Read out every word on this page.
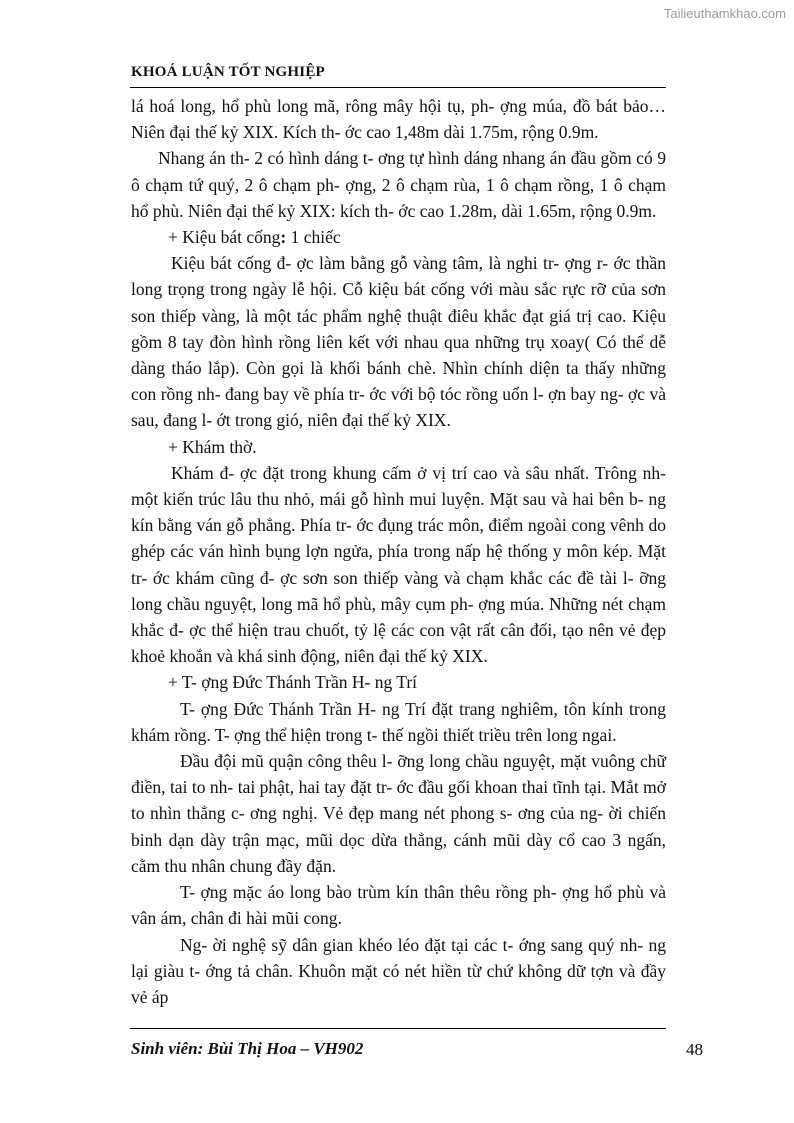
Tailieuthamkhao.com
KHOÁ LUẬN TỐT NGHIỆP

lá hoá long, hổ phù long mã, rông mây hội tụ, ph- ợng múa, đồ bát bảo… Niên đại thế kỷ XIX. Kích th- ớc cao 1,48m dài 1.75m, rộng 0.9m.

Nhang án th- 2 có hình dáng t- ơng tự hình dáng nhang án đầu gồm có 9 ô chạm tứ quý, 2 ô chạm ph- ợng, 2 ô chạm rùa, 1 ô chạm rồng, 1 ô chạm hổ phù. Niên đại thế kỷ XIX: kích th- ớc cao 1.28m, dài 1.65m, rộng 0.9m.

+ Kiệu bát cống: 1 chiếc

Kiệu bát cống đ- ợc làm bằng gỗ vàng tâm, là nghi tr- ợng r- ớc thần long trọng trong ngày lễ hội. Cỗ kiệu bát cống với màu sắc rực rỡ của sơn son thiếp vàng, là một tác phẩm nghệ thuật điêu khắc đạt giá trị cao. Kiệu gồm 8 tay đòn hình rồng liên kết với nhau qua những trụ xoay( Có thể dễ dàng tháo lắp). Còn gọi là khối bánh chè. Nhìn chính diện ta thấy những con rồng nh- đang bay về phía tr- ớc với bộ tóc rồng uốn l- ợn bay ng- ợc và sau, đang l- ớt trong gió, niên đại thế kỷ XIX.

+ Khám thờ.

Khám đ- ợc đặt trong khung cấm ở vị trí cao và sâu nhất. Trông nh- một kiến trúc lâu thu nhỏ, mái gỗ hình mui luyện. Mặt sau và hai bên b- ng kín bằng ván gỗ phẳng. Phía tr- ớc đụng trác môn, điểm ngoài cong vênh do ghép các ván hình bụng lợn ngửa, phía trong nấp hệ thống y môn kép. Mặt tr- ớc khám cũng đ- ợc sơn son thiếp vàng và chạm khắc các đề tài l- ỡng long chầu nguyệt, long mã hổ phù, mây cụm ph- ợng múa. Những nét chạm khắc đ- ợc thể hiện trau chuốt, tỷ lệ các con vật rất cân đối, tạo nên vẻ đẹp khoẻ khoắn và khá sinh động, niên đại thế kỷ XIX.

+ T- ợng Đức Thánh Trần H- ng Trí

T- ợng Đức Thánh Trần H- ng Trí đặt trang nghiêm, tôn kính trong khám rồng. T- ợng thể hiện trong t- thế ngồi thiết triều trên long ngai.

Đầu đội mũ quận công thêu l- ỡng long chầu nguyệt, mặt vuông chữ điền, tai to nh- tai phật, hai tay đặt tr- ớc đầu gối khoan thai tĩnh tại. Mắt mở to nhìn thẳng c- ơng nghị. Vẻ đẹp mang nét phong s- ơng của ng- ời chiến binh dạn dày trận mạc, mũi dọc dừa thẳng, cánh mũi dày cổ cao 3 ngấn, cằm thu nhân chung đầy đặn.

T- ợng mặc áo long bào trùm kín thân thêu rồng ph- ợng hổ phù và vân ám, chân đi hài mũi cong.

Ng- ời nghệ sỹ dân gian khéo léo đặt tại các t- ớng sang quý nh- ng lại giàu t- ớng tả chân. Khuôn mặt có nét hiền từ chứ không dữ tợn và đầy vẻ áp

Sinh viên: Bùi Thị Hoa – VH902	48
